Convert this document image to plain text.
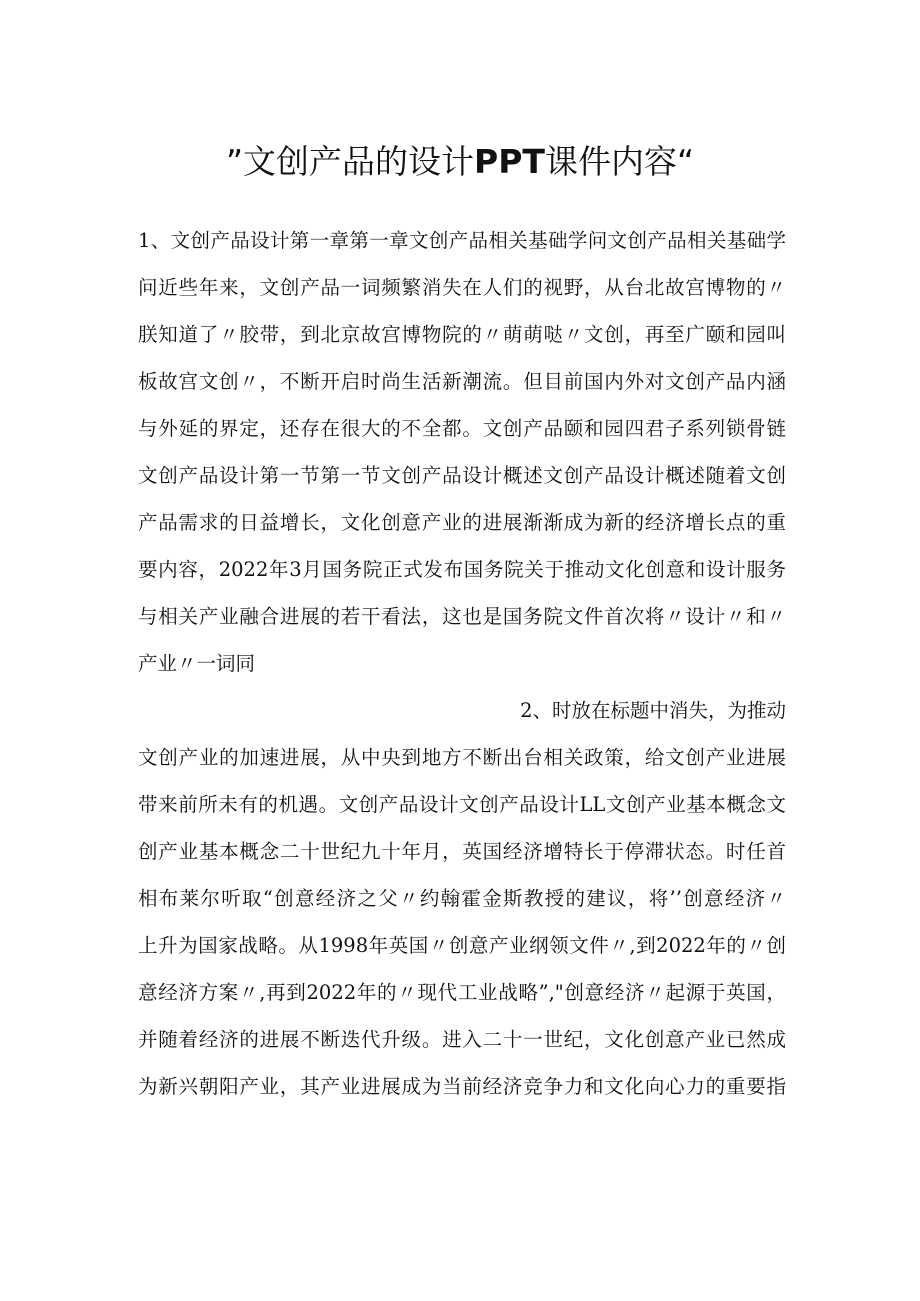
”文创产品的设计PPT课件内容“
1、文创产品设计第一章第一章文创产品相关基础学问文创产品相关基础学
问近些年来，文创产品一词频繁消失在人们的视野，从台北故宫博物的〃
朕知道了〃胶带，到北京故宫博物院的〃萌萌哒〃文创，再至广颐和园叫
板故宫文创〃，不断开启时尚生活新潮流。但目前国内外对文创产品内涵
与外延的界定，还存在很大的不全都。文创产品颐和园四君子系列锁骨链
文创产品设计第一节第一节文创产品设计概述文创产品设计概述随着文创
产品需求的日益增长，文化创意产业的进展渐渐成为新的经济增长点的重
要内容，2022年3月国务院正式发布国务院关于推动文化创意和设计服务
与相关产业融合进展的若干看法，这也是国务院文件首次将〃设计〃和〃
产业〃一词同
2、时放在标题中消失，为推动
文创产业的加速进展，从中央到地方不断出台相关政策，给文创产业进展
带来前所未有的机遇。文创产品设计文创产品设计LL文创产业基本概念文
创产业基本概念二十世纪九十年月，英国经济增特长于停滞状态。时任首
相布莱尔听取“创意经济之父〃约翰霍金斯教授的建议，将’’创意经济〃
上升为国家战略。从1998年英国〃创意产业纲领文件〃,到2022年的〃创
意经济方案〃,再到2022年的〃现代工业战略”,"创意经济〃起源于英国，
并随着经济的进展不断迭代升级。进入二十一世纪，文化创意产业已然成
为新兴朝阳产业，其产业进展成为当前经济竞争力和文化向心力的重要指
